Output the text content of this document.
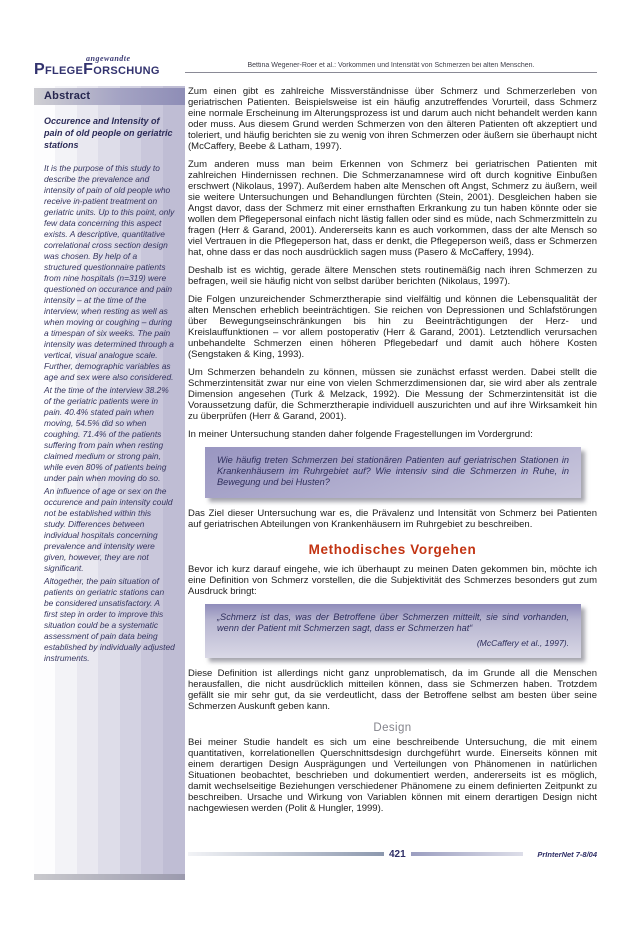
angewandte
PflegeForschung	Bettina Wegener-Roer et al.: Vorkommen und Intensität von Schmerzen bei alten Menschen.
Abstract
Occurence and Intensity of pain of old people on geriatric stations

It is the purpose of this study to describe the prevalence and intensity of pain of old people who receive in-patient treatment on geriatric units. Up to this point, only few data concerning this aspect exists. A descriptive, quantitative correlational cross section design was chosen. By help of a structured questionnaire patients from nine hospitals (n=319) were questioned on occurance and pain intensity – at the time of the interview, when resting as well as when moving or coughing – during a timespan of six weeks. The pain intensity was determined through a vertical, visual analogue scale. Further, demographic variables as age and sex were also considered.

At the time of the interview 38.2% of the geriatric patients were in pain. 40.4% stated pain when moving, 54.5% did so when coughing. 71.4% of the patients suffering from pain when resting claimed medium or strong pain, while even 80% of patients being under pain when moving do so.

An influence of age or sex on the occurence and pain intensity could not be established within this study. Differences between individual hospitals concerning prevalence and intensity were given, however, they are not significant.

Altogether, the pain situation of patients on geriatric stations can be considered unsatisfactory. A first step in order to improve this situation could be a systematic assessment of pain data being established by individually adjusted instruments.

Zum einen gibt es zahlreiche Missverständnisse über Schmerz und Schmerzerleben von geriatrischen Patienten. Beispielsweise ist ein häufig anzutreffendes Vorurteil, dass Schmerz eine normale Erscheinung im Alterungsprozess ist und darum auch nicht behandelt werden kann oder muss. Aus diesem Grund werden Schmerzen von den älteren Patienten oft akzeptiert und toleriert, und häufig berichten sie zu wenig von ihren Schmerzen oder äußern sie überhaupt nicht (McCaffery, Beebe & Latham, 1997).

Zum anderen muss man beim Erkennen von Schmerz bei geriatrischen Patienten mit zahlreichen Hindernissen rechnen. Die Schmerzanamnese wird oft durch kognitive Einbußen erschwert (Nikolaus, 1997). Außerdem haben alte Menschen oft Angst, Schmerz zu äußern, weil sie weitere Untersuchungen und Behandlungen fürchten (Stein, 2001). Desgleichen haben sie Angst davor, dass der Schmerz mit einer ernsthaften Erkrankung zu tun haben könnte oder sie wollen dem Pflegepersonal einfach nicht lästig fallen oder sind es müde, nach Schmerzmitteln zu fragen (Herr & Garand, 2001). Andererseits kann es auch vorkommen, dass der alte Mensch so viel Vertrauen in die Pflegeperson hat, dass er denkt, die Pflegeperson weiß, dass er Schmerzen hat, ohne dass er das noch ausdrücklich sagen muss (Pasero & McCaffery, 1994).

Deshalb ist es wichtig, gerade ältere Menschen stets routinemäßig nach ihren Schmerzen zu befragen, weil sie häufig nicht von selbst darüber berichten (Nikolaus, 1997).

Die Folgen unzureichender Schmerztherapie sind vielfältig und können die Lebensqualität der alten Menschen erheblich beeinträchtigen. Sie reichen von Depressionen und Schlafstörungen über Bewegungseinschränkungen bis hin zu Beeinträchtigungen der Herz- und Kreislauffunktionen – vor allem postoperativ (Herr & Garand, 2001). Letztendlich verursachen unbehandelte Schmerzen einen höheren Pflegebedarf und damit auch höhere Kosten (Sengstaken & King, 1993).

Um Schmerzen behandeln zu können, müssen sie zunächst erfasst werden. Dabei stellt die Schmerzintensität zwar nur eine von vielen Schmerzdimensionen dar, sie wird aber als zentrale Dimension angesehen (Turk & Melzack, 1992). Die Messung der Schmerzintensität ist die Voraussetzung dafür, die Schmerztherapie individuell auszurichten und auf ihre Wirksamkeit hin zu überprüfen (Herr & Garand, 2001).

In meiner Untersuchung standen daher folgende Fragestellungen im Vordergrund:

Wie häufig treten Schmerzen bei stationären Patienten auf geriatrischen Stationen in Krankenhäusern im Ruhrgebiet auf? Wie intensiv sind die Schmerzen in Ruhe, in Bewegung und bei Husten?

Das Ziel dieser Untersuchung war es, die Prävalenz und Intensität von Schmerz bei Patienten auf geriatrischen Abteilungen von Krankenhäusern im Ruhrgebiet zu beschreiben.

Methodisches Vorgehen

Bevor ich kurz darauf eingehe, wie ich überhaupt zu meinen Daten gekommen bin, möchte ich eine Definition von Schmerz vorstellen, die die Subjektivität des Schmerzes besonders gut zum Ausdruck bringt:

„Schmerz ist das, was der Betroffene über Schmerzen mitteilt, sie sind vorhanden, wenn der Patient mit Schmerzen sagt, dass er Schmerzen hat“

(McCaffery et al., 1997).

Diese Definition ist allerdings nicht ganz unproblematisch, da im Grunde all die Menschen herausfallen, die nicht ausdrücklich mitteilen können, dass sie Schmerzen haben. Trotzdem gefällt sie mir sehr gut, da sie verdeutlicht, dass der Betroffene selbst am besten über seine Schmerzen Auskunft geben kann.

Design

Bei meiner Studie handelt es sich um eine beschreibende Untersuchung, die mit einem quantitativen, korrelationellen Querschnittsdesign durchgeführt wurde. Einerseits können mit einem derartigen Design Ausprägungen und Verteilungen von Phänomenen in natürlichen Situationen beobachtet, beschrieben und dokumentiert werden, andererseits ist es möglich, damit wechselseitige Beziehungen verschiedener Phänomene zu einem definierten Zeitpunkt zu beschreiben. Ursache und Wirkung von Variablen können mit einem derartigen Design nicht nachgewiesen werden (Polit & Hungler, 1999).

421	PrInterNet 7-8/04
